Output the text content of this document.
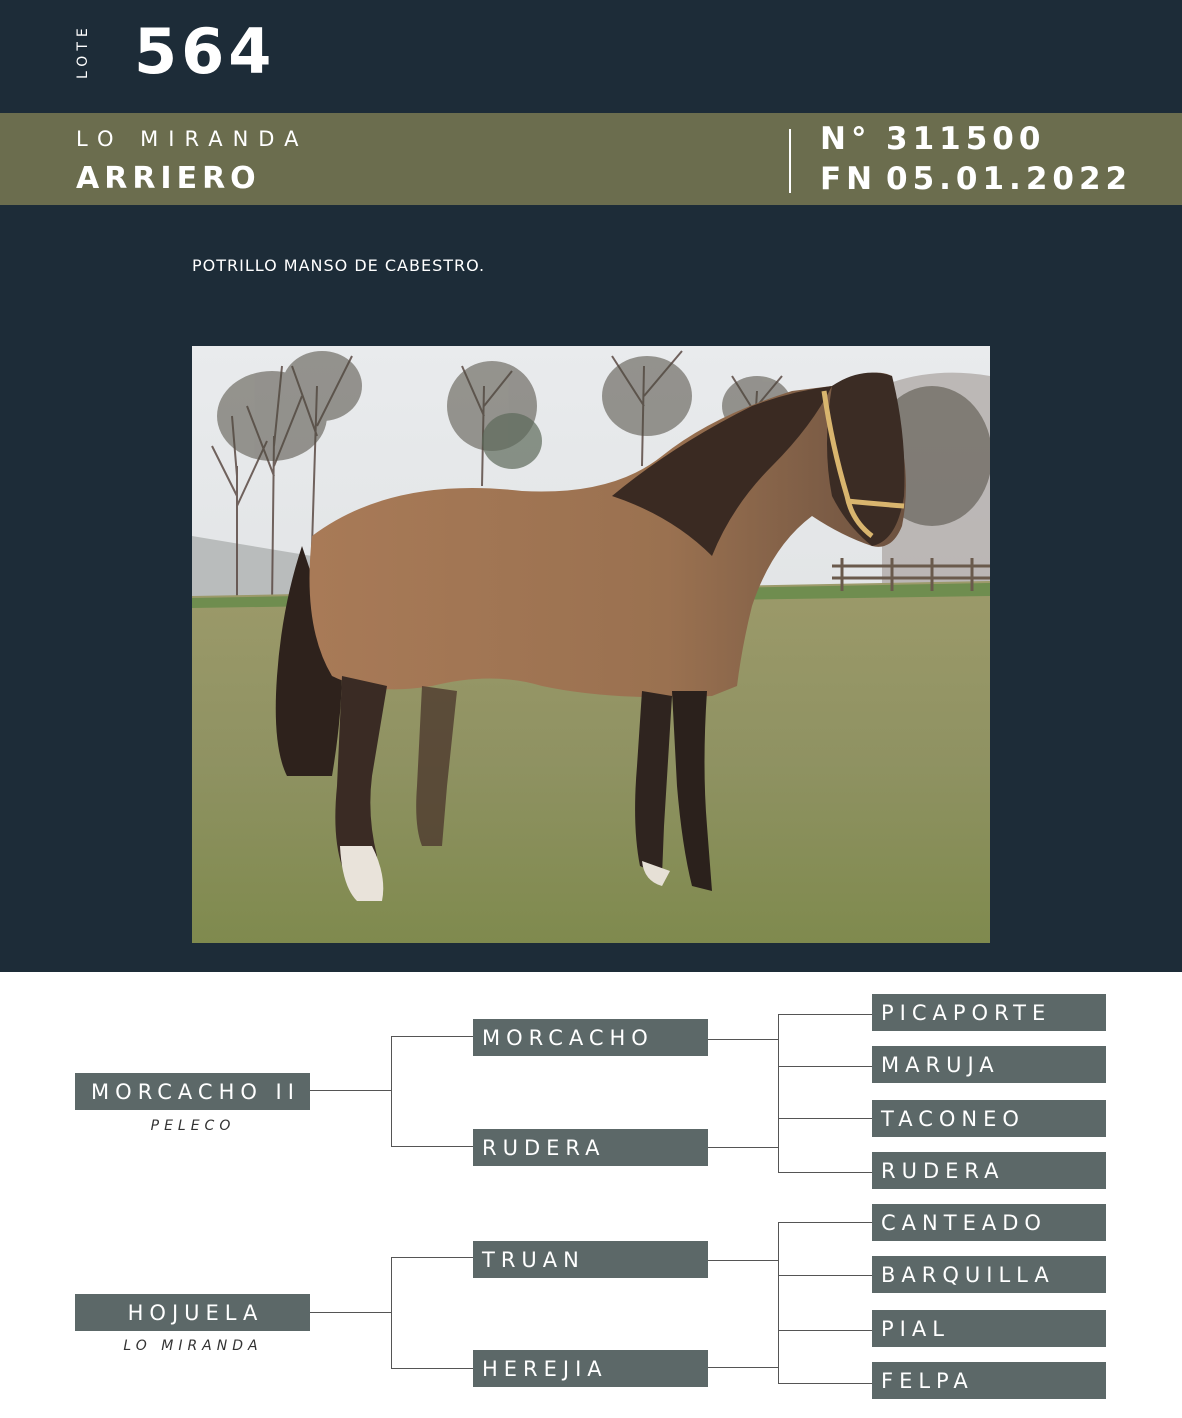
LOTE 564
LO MIRANDA
ARRIERO
N° 311500
FN 05.01.2022
POTRILLO MANSO DE CABESTRO.
MORCACHO II
PELECO
HOJUELA
LO MIRANDA
MORCACHO
RUDERA
TRUAN
HEREJIA
PICAPORTE
MARUJA
TACONEO
RUDERA
CANTEADO
BARQUILLA
PIAL
FELPA
